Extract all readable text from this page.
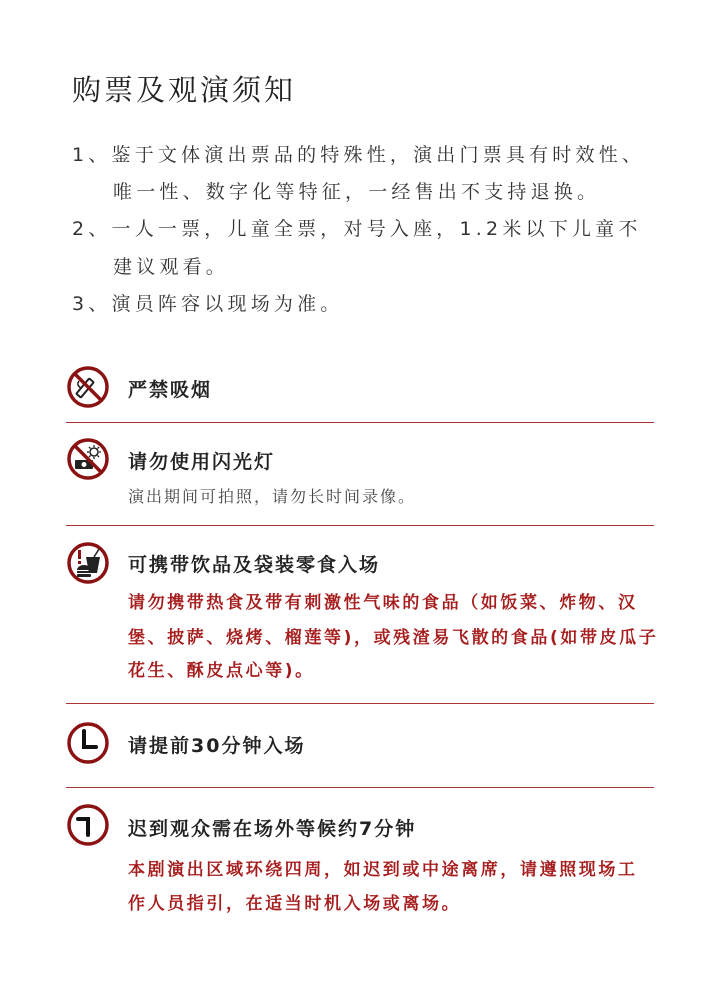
购票及观演须知
1、鉴于文体演出票品的特殊性，演出门票具有时效性、
唯一性、数字化等特征，一经售出不支持退换。
2、一人一票，儿童全票，对号入座，1.2米以下儿童不
建议观看。
3、演员阵容以现场为准。
严禁吸烟
请勿使用闪光灯
演出期间可拍照，请勿长时间录像。
可携带饮品及袋装零食入场
请勿携带热食及带有刺激性气味的食品（如饭菜、炸物、汉
堡、披萨、烧烤、榴莲等)，或残渣易飞散的食品(如带皮瓜子
花生、酥皮点心等)。
请提前30分钟入场
迟到观众需在场外等候约7分钟
本剧演出区域环绕四周，如迟到或中途离席，请遵照现场工
作人员指引，在适当时机入场或离场。
